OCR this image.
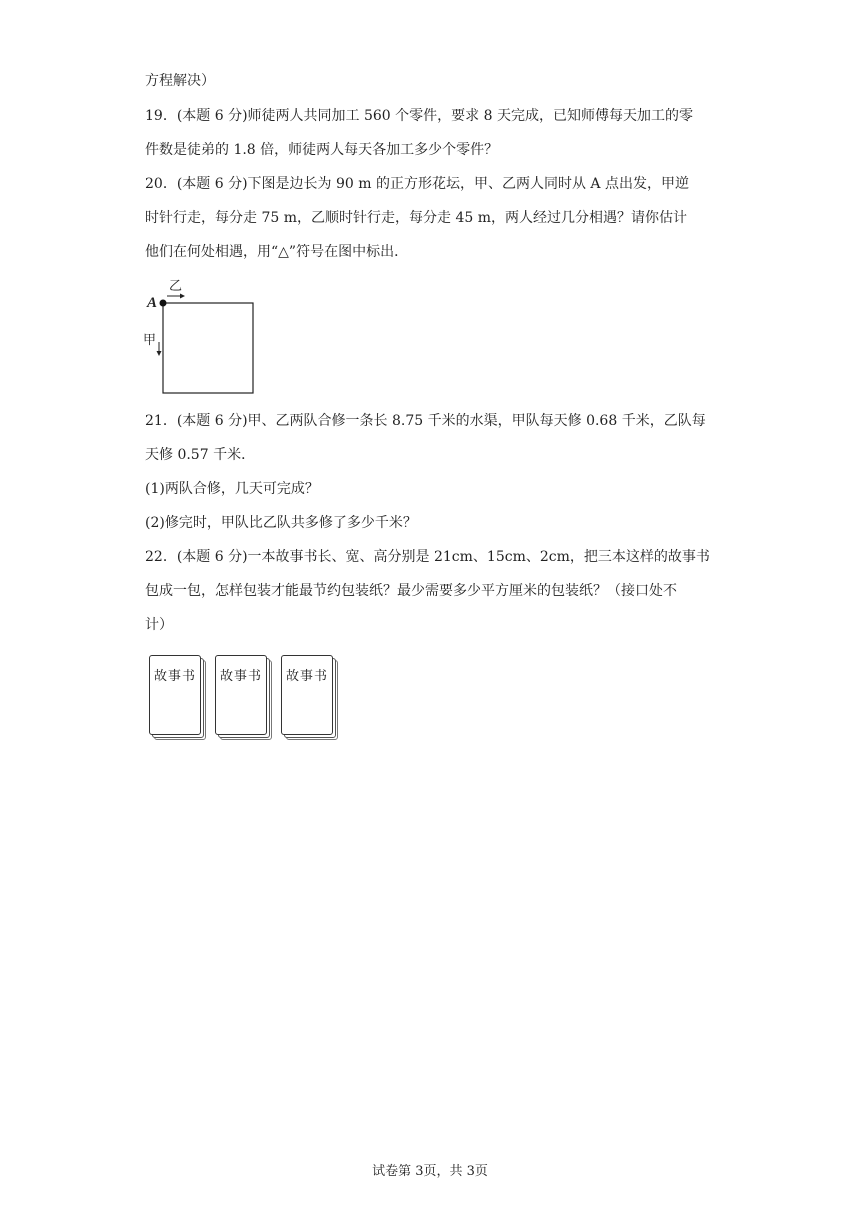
方程解决）
19．(本题 6 分)师徒两人共同加工 560 个零件，要求 8 天完成，已知师傅每天加工的零
件数是徒弟的 1.8 倍，师徒两人每天各加工多少个零件？
20．(本题 6 分)下图是边长为 90 m 的正方形花坛，甲、乙两人同时从 A 点出发，甲逆
时针行走，每分走 75 m，乙顺时针行走，每分走 45 m，两人经过几分相遇？请你估计
他们在何处相遇，用“△”符号在图中标出．
A
乙
甲
21．(本题 6 分)甲、乙两队合修一条长 8.75 千米的水渠，甲队每天修 0.68 千米，乙队每
天修 0.57 千米．
(1)两队合修，几天可完成？
(2)修完时，甲队比乙队共多修了多少千米？
22．(本题 6 分)一本故事书长、宽、高分别是 21cm、15cm、2cm，把三本这样的故事书
包成一包，怎样包装才能最节约包装纸？最少需要多少平方厘米的包装纸？（接口处不
计）
故事书	故事书	故事书
试卷第 3页，共 3页
